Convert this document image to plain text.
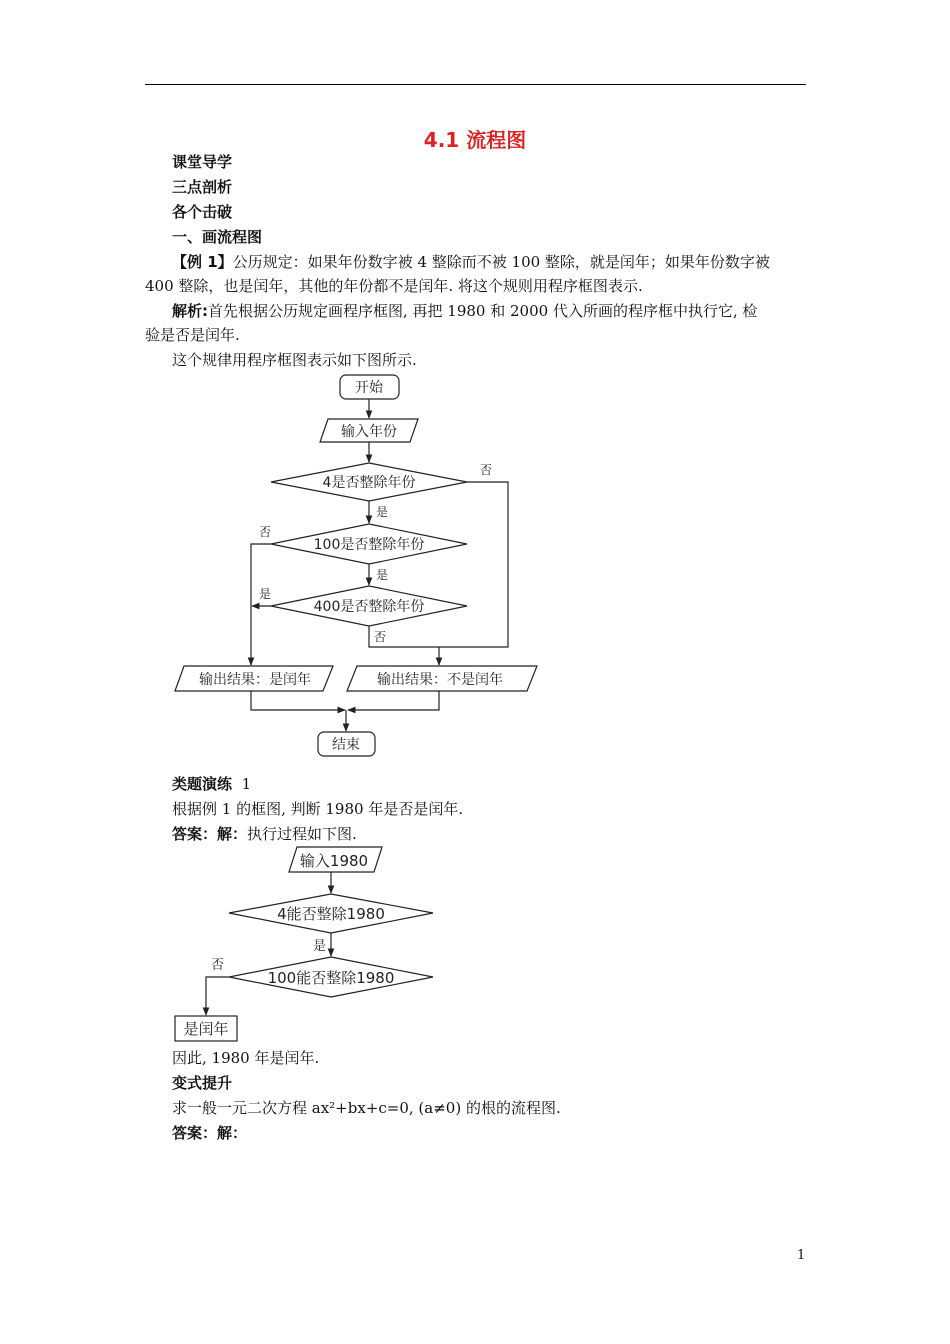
4.1 流程图
课堂导学
三点剖析
各个击破
一、画流程图
【例 1】公历规定：如果年份数字被 4 整除而不被 100 整除，就是闰年；如果年份数字被
400 整除，也是闰年，其他的年份都不是闰年. 将这个规则用程序框图表示.
解析:首先根据公历规定画程序框图, 再把 1980 和 2000 代入所画的程序框中执行它, 检
验是否是闰年.
这个规律用程序框图表示如下图所示.
开始
输入年份
4是否整除年份
100是否整除年份
400是否整除年份
是
是
否
否
是
否
输出结果：是闰年	输出结果：不是闰年
结束
类题演练 1
根据例 1 的框图, 判断 1980 年是否是闰年.
答案：解：执行过程如下图.
输入1980
4能否整除1980
100能否整除1980
是
否
是闰年
因此, 1980 年是闰年.
变式提升
求一般一元二次方程 ax²+bx+c=0, (a≠0) 的根的流程图.
答案：解：
1
